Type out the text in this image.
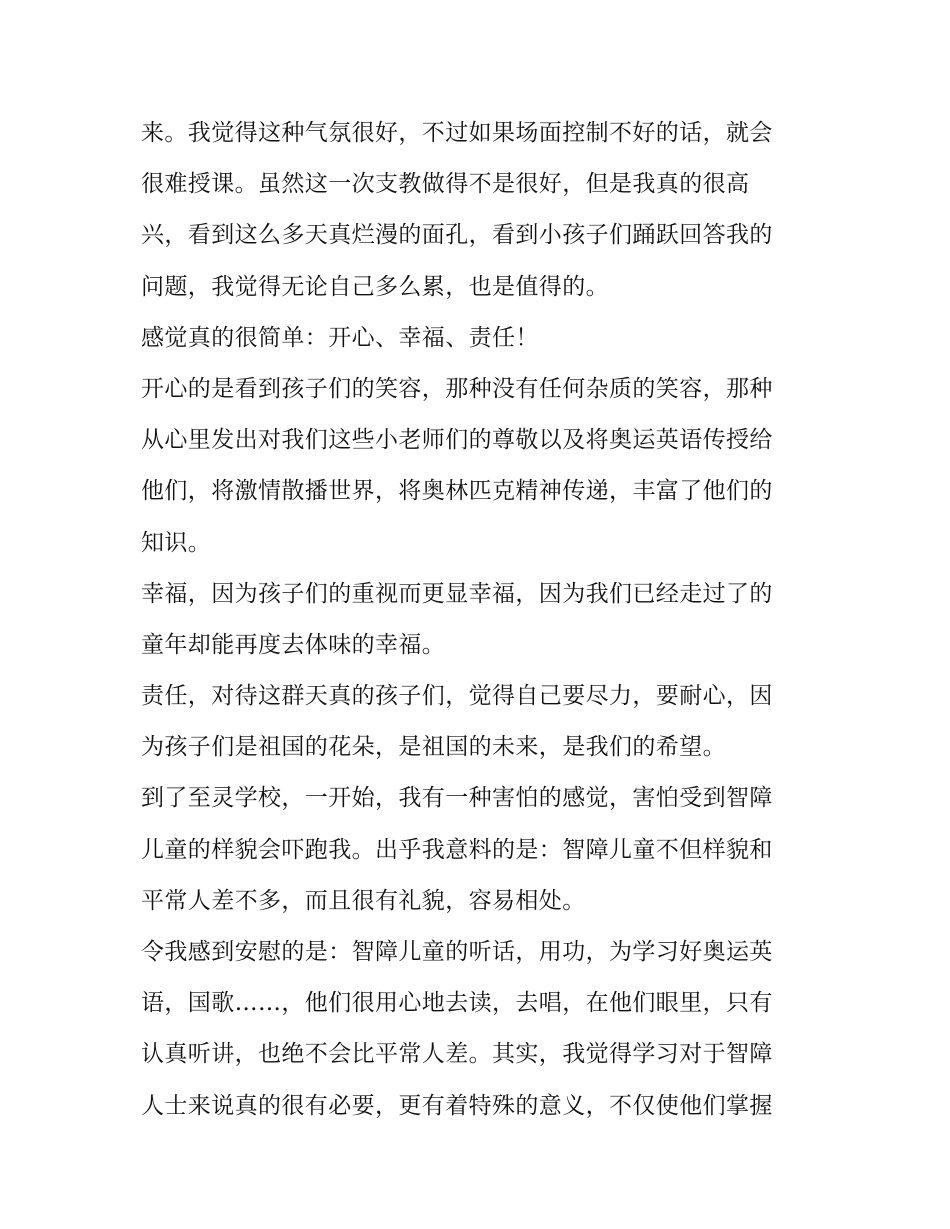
来。我觉得这种气氛很好，不过如果场面控制不好的话，就会
很难授课。虽然这一次支教做得不是很好，但是我真的很高
兴，看到这么多天真烂漫的面孔，看到小孩子们踊跃回答我的
问题，我觉得无论自己多么累，也是值得的。
感觉真的很简单：开心、幸福、责任！
开心的是看到孩子们的笑容，那种没有任何杂质的笑容，那种
从心里发出对我们这些小老师们的尊敬以及将奥运英语传授给
他们，将激情散播世界，将奥林匹克精神传递，丰富了他们的
知识。
幸福，因为孩子们的重视而更显幸福，因为我们已经走过了的
童年却能再度去体味的幸福。
责任，对待这群天真的孩子们，觉得自己要尽力，要耐心，因
为孩子们是祖国的花朵，是祖国的未来，是我们的希望。
到了至灵学校，一开始，我有一种害怕的感觉，害怕受到智障
儿童的样貌会吓跑我。出乎我意料的是：智障儿童不但样貌和
平常人差不多，而且很有礼貌，容易相处。
令我感到安慰的是：智障儿童的听话，用功，为学习好奥运英
语，国歌……，他们很用心地去读，去唱，在他们眼里，只有
认真听讲，也绝不会比平常人差。其实，我觉得学习对于智障
人士来说真的很有必要，更有着特殊的意义，不仅使他们掌握
